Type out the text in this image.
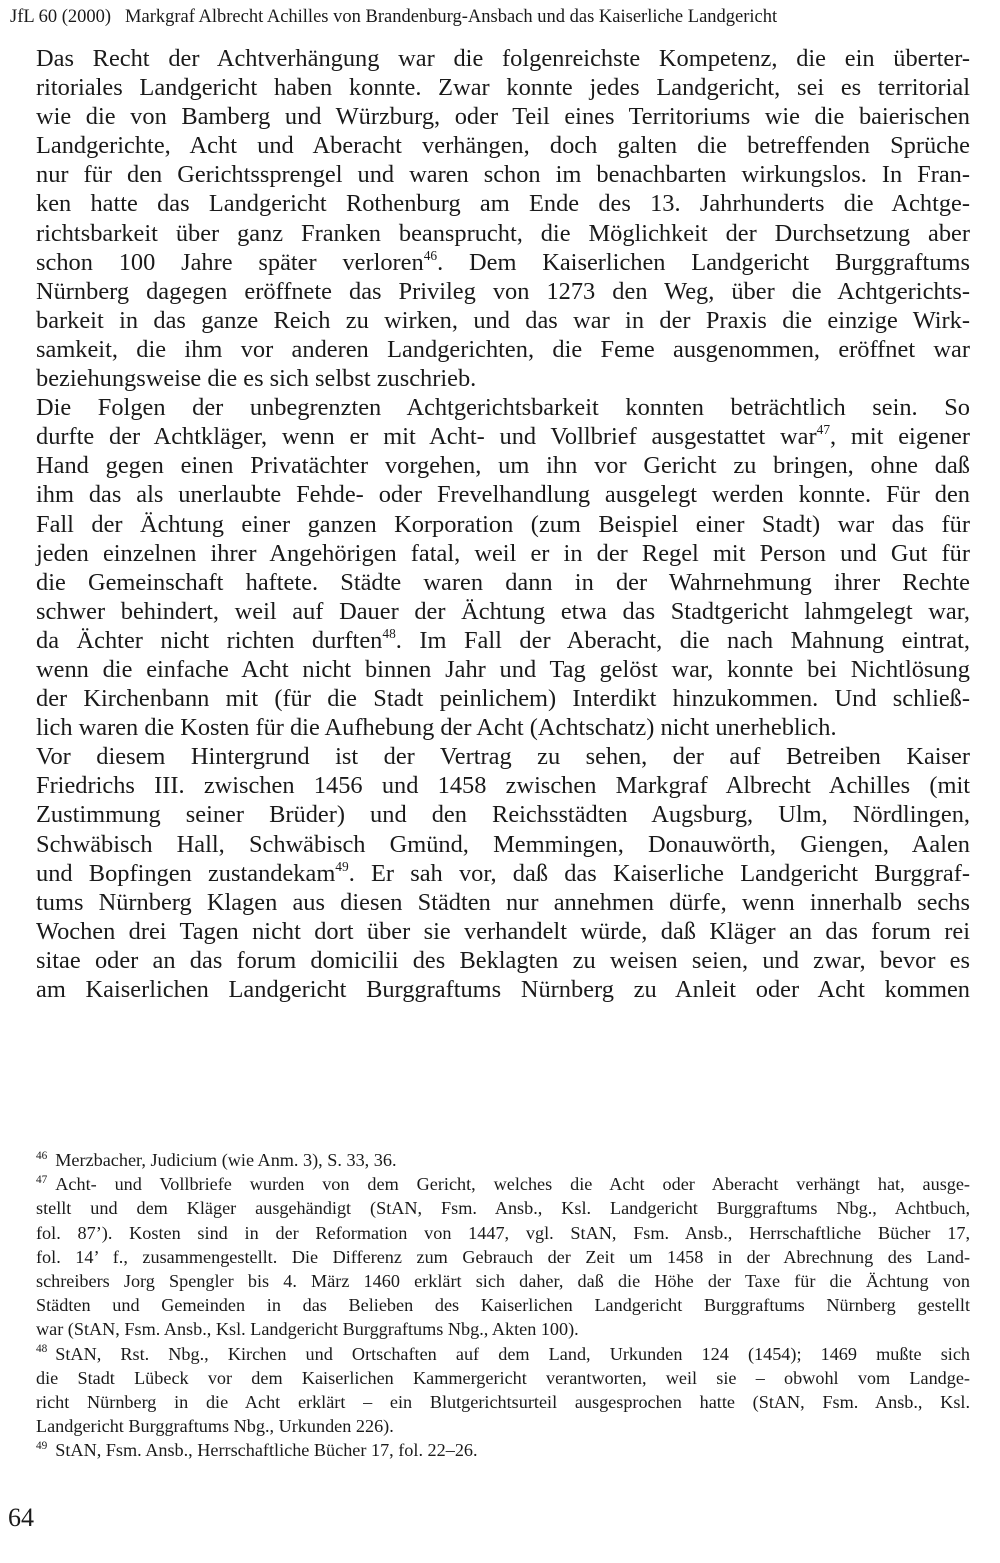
JfL 60 (2000) Markgraf Albrecht Achilles von Brandenburg-Ansbach und das Kaiserliche Landgericht

Das Recht der Achtverhängung war die folgenreichste Kompetenz, die ein überter-
ritoriales Landgericht haben konnte. Zwar konnte jedes Landgericht, sei es territorial
wie die von Bamberg und Würzburg, oder Teil eines Territoriums wie die baierischen
Landgerichte, Acht und Aberacht verhängen, doch galten die betreffenden Sprüche
nur für den Gerichtssprengel und waren schon im benachbarten wirkungslos. In Fran-
ken hatte das Landgericht Rothenburg am Ende des 13. Jahrhunderts die Achtge-
richtsbarkeit über ganz Franken beansprucht, die Möglichkeit der Durchsetzung aber
schon 100 Jahre später verloren$^{46}$. Dem Kaiserlichen Landgericht Burggraftums
Nürnberg dagegen eröffnete das Privileg von 1273 den Weg, über die Achtgerichts-
barkeit in das ganze Reich zu wirken, und das war in der Praxis die einzige Wirk-
samkeit, die ihm vor anderen Landgerichten, die Feme ausgenommen, eröffnet war
beziehungsweise die es sich selbst zuschrieb.

Die Folgen der unbegrenzten Achtgerichtsbarkeit konnten beträchtlich sein. So
durfte der Achtkläger, wenn er mit Acht- und Vollbrief ausgestattet war$^{47}$, mit eigener
Hand gegen einen Privatächter vorgehen, um ihn vor Gericht zu bringen, ohne daß
ihm das als unerlaubte Fehde- oder Frevelhandlung ausgelegt werden konnte. Für den
Fall der Ächtung einer ganzen Korporation (zum Beispiel einer Stadt) war das für
jeden einzelnen ihrer Angehörigen fatal, weil er in der Regel mit Person und Gut für
die Gemeinschaft haftete. Städte waren dann in der Wahrnehmung ihrer Rechte
schwer behindert, weil auf Dauer der Ächtung etwa das Stadtgericht lahmgelegt war,
da Ächter nicht richten durften$^{48}$. Im Fall der Aberacht, die nach Mahnung eintrat,
wenn die einfache Acht nicht binnen Jahr und Tag gelöst war, konnte bei Nichtlösung
der Kirchenbann mit (für die Stadt peinlichem) Interdikt hinzukommen. Und schließ-
lich waren die Kosten für die Aufhebung der Acht (Achtschatz) nicht unerheblich.

Vor diesem Hintergrund ist der Vertrag zu sehen, der auf Betreiben Kaiser
Friedrichs III. zwischen 1456 und 1458 zwischen Markgraf Albrecht Achilles (mit
Zustimmung seiner Brüder) und den Reichsstädten Augsburg, Ulm, Nördlingen,
Schwäbisch Hall, Schwäbisch Gmünd, Memmingen, Donauwörth, Giengen, Aalen
und Bopfingen zustandekam$^{49}$. Er sah vor, daß das Kaiserliche Landgericht Burggraf-
tums Nürnberg Klagen aus diesen Städten nur annehmen dürfe, wenn innerhalb sechs
Wochen drei Tagen nicht dort über sie verhandelt würde, daß Kläger an das forum rei
sitae oder an das forum domicilii des Beklagten zu weisen seien, und zwar, bevor es
am Kaiserlichen Landgericht Burggraftums Nürnberg zu Anleit oder Acht kommen

$^{46}$ Merzbacher, Judicium (wie Anm. 3), S. 33, 36.

$^{47}$ Acht- und Vollbriefe wurden von dem Gericht, welches die Acht oder Aberacht verhängt hat, ausge-
stellt und dem Kläger ausgehändigt (StAN, Fsm. Ansb., Ksl. Landgericht Burggraftums Nbg., Achtbuch,
fol. 87’). Kosten sind in der Reformation von 1447, vgl. StAN, Fsm. Ansb., Herrschaftliche Bücher 17,
fol. 14’ f., zusammengestellt. Die Differenz zum Gebrauch der Zeit um 1458 in der Abrechnung des Land-
schreibers Jorg Spengler bis 4. März 1460 erklärt sich daher, daß die Höhe der Taxe für die Ächtung von
Städten und Gemeinden in das Belieben des Kaiserlichen Landgericht Burggraftums Nürnberg gestellt
war (StAN, Fsm. Ansb., Ksl. Landgericht Burggraftums Nbg., Akten 100).

$^{48}$ StAN, Rst. Nbg., Kirchen und Ortschaften auf dem Land, Urkunden 124 (1454); 1469 mußte sich
die Stadt Lübeck vor dem Kaiserlichen Kammergericht verantworten, weil sie – obwohl vom Landge-
richt Nürnberg in die Acht erklärt – ein Blutgerichtsurteil ausgesprochen hatte (StAN, Fsm. Ansb., Ksl.
Landgericht Burggraftums Nbg., Urkunden 226).

$^{49}$ StAN, Fsm. Ansb., Herrschaftliche Bücher 17, fol. 22–26.

64
